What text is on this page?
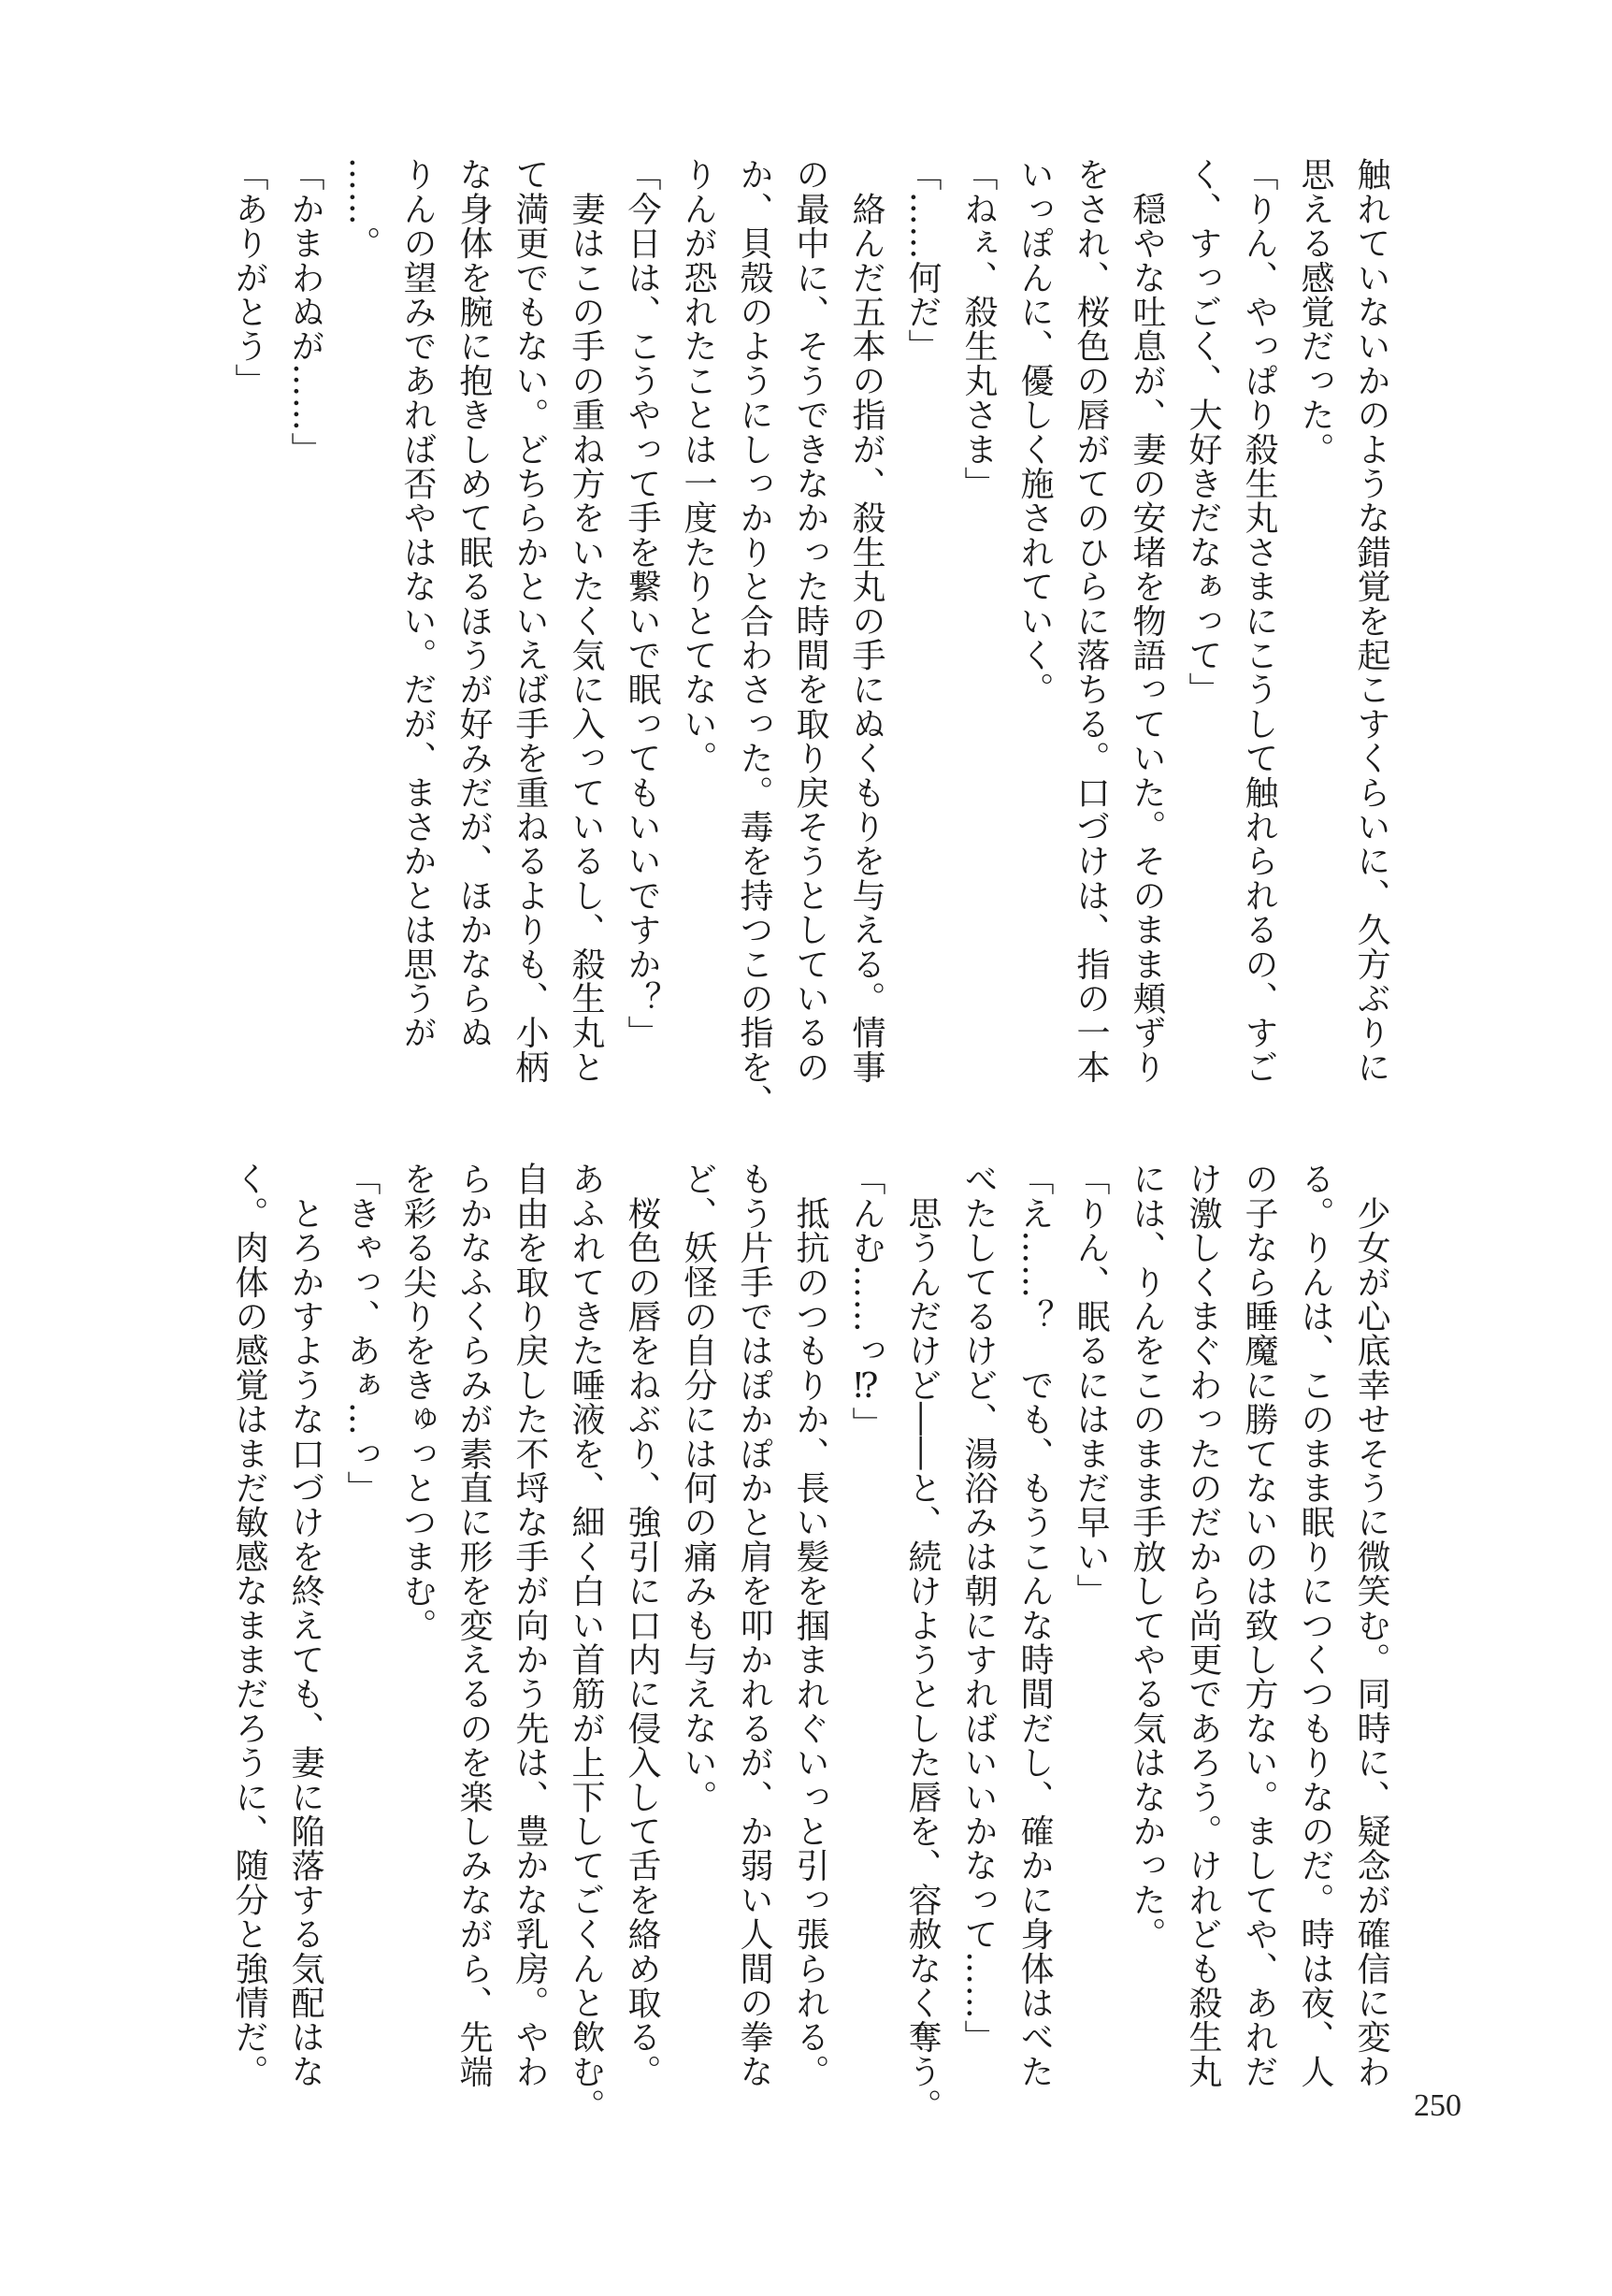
触れていないかのような錯覚を起こすくらいに、久方ぶりに

思える感覚だった。

「りん、やっぱり殺生丸さまにこうして触れられるの、すご

く、すっごく、大好きだなぁって」

　穏やな吐息が、妻の安堵を物語っていた。そのまま頬ずり

をされ、桜色の唇がてのひらに落ちる。口づけは、指の一本

いっぽんに、優しく施されていく。

「ねぇ、殺生丸さま」

「……何だ」

　絡んだ五本の指が、殺生丸の手にぬくもりを与える。情事

の最中に、そうできなかった時間を取り戻そうとしているの

か、貝殻のようにしっかりと合わさった。毒を持つこの指を、

りんが恐れたことは一度たりとてない。

「今日は、こうやって手を繋いで眠ってもいいですか？」

　妻はこの手の重ね方をいたく気に入っているし、殺生丸と

て満更でもない。どちらかといえば手を重ねるよりも、小柄

な身体を腕に抱きしめて眠るほうが好みだが、ほかならぬ

りんの望みであれば否やはない。だが、まさかとは思うが

……。

「かまわぬが……」

「ありがとう」

　少女が心底幸せそうに微笑む。同時に、疑念が確信に変わ

る。りんは、このまま眠りにつくつもりなのだ。時は夜、人

の子なら睡魔に勝てないのは致し方ない。ましてや、あれだ

け激しくまぐわったのだから尚更であろう。けれども殺生丸

には、りんをこのまま手放してやる気はなかった。

「りん、眠るにはまだ早い」

「え……？　でも、もうこんな時間だし、確かに身体はべた

べたしてるけど、湯浴みは朝にすればいいかなって……」

　思うんだけど――と、続けようとした唇を、容赦なく奪う。

「んむ……っ⁉」

　抵抗のつもりか、長い髪を掴まれぐいっと引っ張られる。

もう片手ではぽかぽかと肩を叩かれるが、か弱い人間の拳な

ど、妖怪の自分には何の痛みも与えない。

　桜色の唇をねぶり、強引に口内に侵入して舌を絡め取る。

あふれてきた唾液を、細く白い首筋が上下してごくんと飲む。

自由を取り戻した不埒な手が向かう先は、豊かな乳房。やわ

らかなふくらみが素直に形を変えるのを楽しみながら、先端

を彩る尖りをきゅっとつまむ。

「きゃっ、あぁ…っ」

　とろかすような口づけを終えても、妻に陥落する気配はな

く。肉体の感覚はまだ敏感なままだろうに、随分と強情だ。

250
